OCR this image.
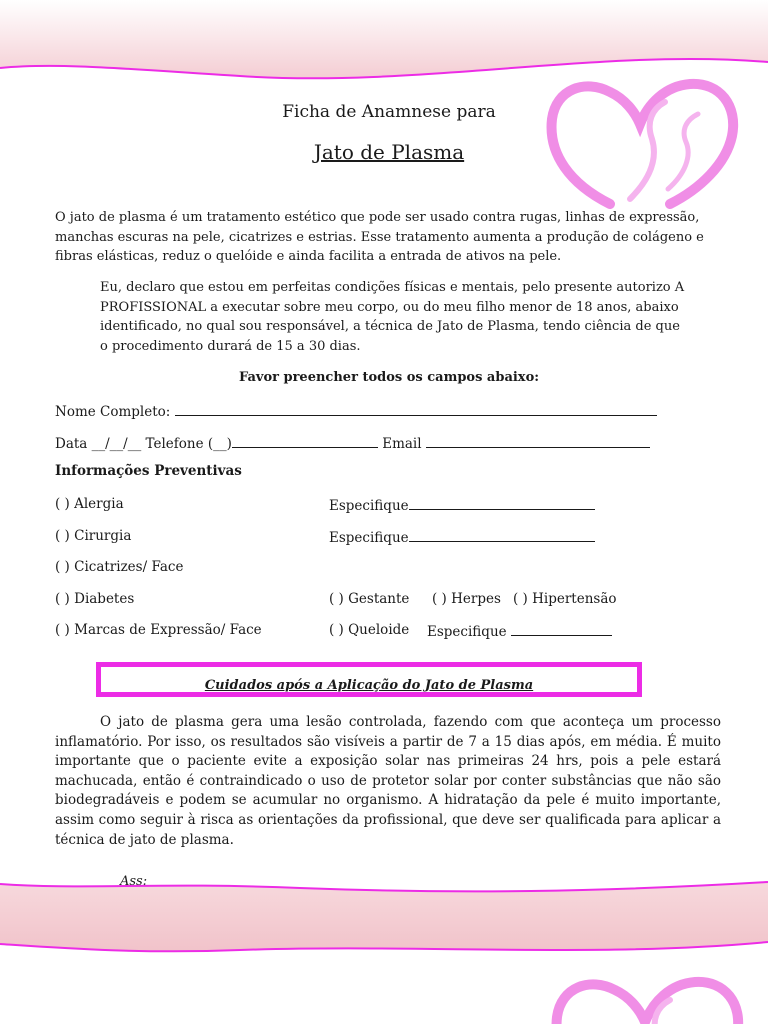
Ficha de Anamnese para
Jato de Plasma
O jato de plasma é um tratamento estético que pode ser usado contra rugas, linhas de expressão, manchas escuras na pele, cicatrizes e estrias. Esse tratamento aumenta a produção de colágeno e fibras elásticas, reduz o quelóide e ainda facilita a entrada de ativos na pele.
Eu, declaro que estou em perfeitas condições físicas e mentais, pelo presente autorizo A PROFISSIONAL a executar sobre meu corpo, ou do meu filho menor de 18 anos, abaixo identificado, no qual sou responsável, a técnica de Jato de Plasma, tendo ciência de que o procedimento durará de 15 a 30 dias.
Favor preencher todos os campos abaixo:
Nome Completo:
Data __/__/__ Telefone (__)	Email
Informações Preventivas
( ) Alergia
( ) Cirurgia
( ) Cicatrizes/ Face
( ) Diabetes
( ) Marcas de Expressão/ Face
Especifique
Especifique
( ) Gestante ( ) Herpes ( ) Hipertensão
( ) Queloide Especifique
Cuidados após a Aplicação do Jato de Plasma
O jato de plasma gera uma lesão controlada, fazendo com que aconteça um processo inflamatório. Por isso, os resultados são visíveis a partir de 7 a 15 dias após, em média. É muito importante que o paciente evite a exposição solar nas primeiras 24 hrs, pois a pele estará machucada, então é contraindicado o uso de protetor solar por conter substâncias que não são biodegradáveis e podem se acumular no organismo. A hidratação da pele é muito importante, assim como seguir à risca as orientações da profissional, que deve ser qualificada para aplicar a técnica de jato de plasma.
Ass:
